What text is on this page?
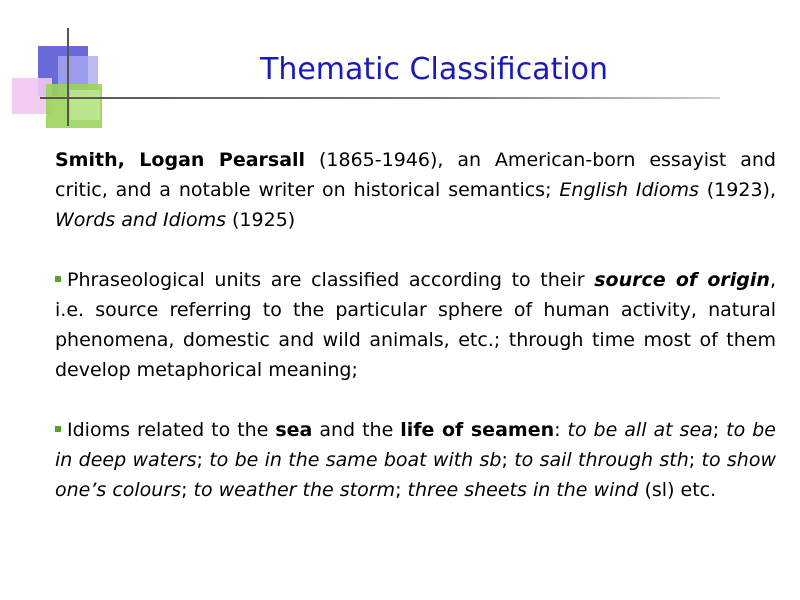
Thematic Classification

Smith, Logan Pearsall (1865-1946), an American-born essayist and critic, and a notable writer on historical semantics; English Idioms (1923), Words and Idioms (1925)

Phraseological units are classified according to their source of origin, i.e. source referring to the particular sphere of human activity, natural phenomena, domestic and wild animals, etc.; through time most of them develop metaphorical meaning;

Idioms related to the sea and the life of seamen: to be all at sea; to be in deep waters; to be in the same boat with sb; to sail through sth; to show one’s colours; to weather the storm; three sheets in the wind (sl) etc.
